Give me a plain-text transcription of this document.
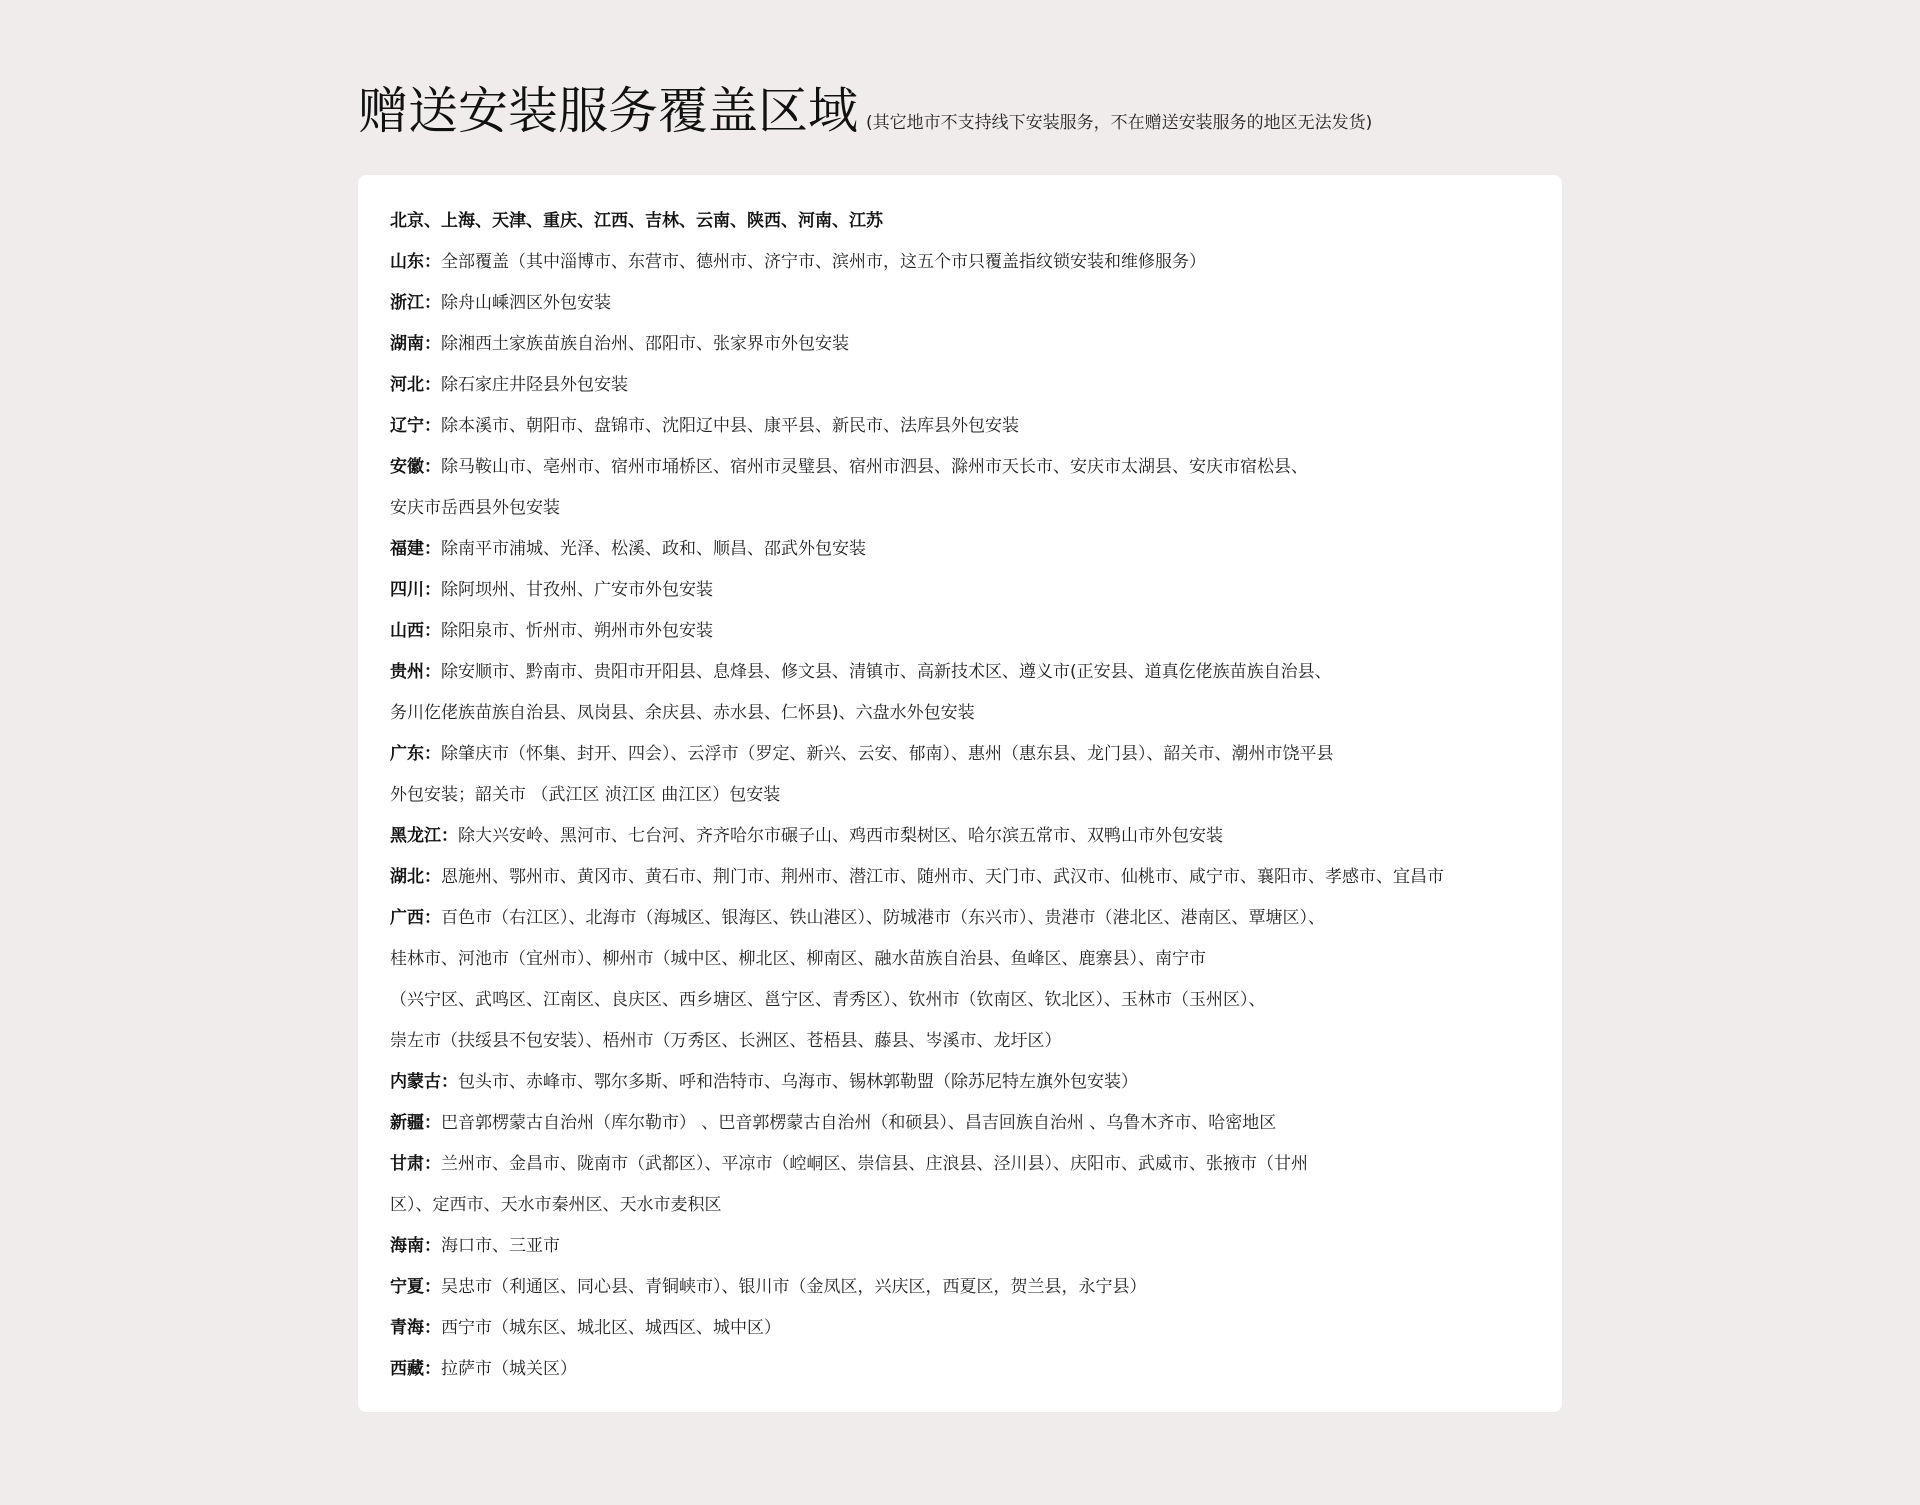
赠送安装服务覆盖区域 (其它地市不支持线下安装服务，不在赠送安装服务的地区无法发货)
北京、上海、天津、重庆、江西、吉林、云南、陕西、河南、江苏
山东：全部覆盖（其中淄博市、东营市、德州市、济宁市、滨州市，这五个市只覆盖指纹锁安装和维修服务）
浙江：除舟山嵊泗区外包安装
湖南：除湘西土家族苗族自治州、邵阳市、张家界市外包安装
河北：除石家庄井陉县外包安装
辽宁：除本溪市、朝阳市、盘锦市、沈阳辽中县、康平县、新民市、法库县外包安装
安徽：除马鞍山市、亳州市、宿州市埇桥区、宿州市灵璧县、宿州市泗县、滁州市天长市、安庆市太湖县、安庆市宿松县、
安庆市岳西县外包安装
福建：除南平市浦城、光泽、松溪、政和、顺昌、邵武外包安装
四川：除阿坝州、甘孜州、广安市外包安装
山西：除阳泉市、忻州市、朔州市外包安装
贵州：除安顺市、黔南市、贵阳市开阳县、息烽县、修文县、清镇市、高新技术区、遵义市(正安县、道真仡佬族苗族自治县、
务川仡佬族苗族自治县、凤岗县、余庆县、赤水县、仁怀县)、六盘水外包安装
广东：除肇庆市（怀集、封开、四会）、云浮市（罗定、新兴、云安、郁南）、惠州（惠东县、龙门县）、韶关市、潮州市饶平县
外包安装；韶关市 （武江区 浈江区 曲江区）包安装
黑龙江：除大兴安岭、黑河市、七台河、齐齐哈尔市碾子山、鸡西市梨树区、哈尔滨五常市、双鸭山市外包安装
湖北：恩施州、鄂州市、黄冈市、黄石市、荆门市、荆州市、潜江市、随州市、天门市、武汉市、仙桃市、咸宁市、襄阳市、孝感市、宜昌市
广西：百色市（右江区）、北海市（海城区、银海区、铁山港区）、防城港市（东兴市）、贵港市（港北区、港南区、覃塘区）、
桂林市、河池市（宜州市）、柳州市（城中区、柳北区、柳南区、融水苗族自治县、鱼峰区、鹿寨县）、南宁市
（兴宁区、武鸣区、江南区、良庆区、西乡塘区、邕宁区、青秀区）、钦州市（钦南区、钦北区）、玉林市（玉州区）、
崇左市（扶绥县不包安装）、梧州市（万秀区、长洲区、苍梧县、藤县、岑溪市、龙圩区）
内蒙古：包头市、赤峰市、鄂尔多斯、呼和浩特市、乌海市、锡林郭勒盟（除苏尼特左旗外包安装）
新疆：巴音郭楞蒙古自治州（库尔勒市） 、巴音郭楞蒙古自治州（和硕县）、昌吉回族自治州 、乌鲁木齐市、哈密地区
甘肃：兰州市、金昌市、陇南市（武都区）、平凉市（崆峒区、崇信县、庄浪县、泾川县）、庆阳市、武威市、张掖市（甘州
区）、定西市、天水市秦州区、天水市麦积区
海南：海口市、三亚市
宁夏：吴忠市（利通区、同心县、青铜峡市）、银川市（金凤区，兴庆区，西夏区，贺兰县，永宁县）
青海：西宁市（城东区、城北区、城西区、城中区）
西藏：拉萨市（城关区）
